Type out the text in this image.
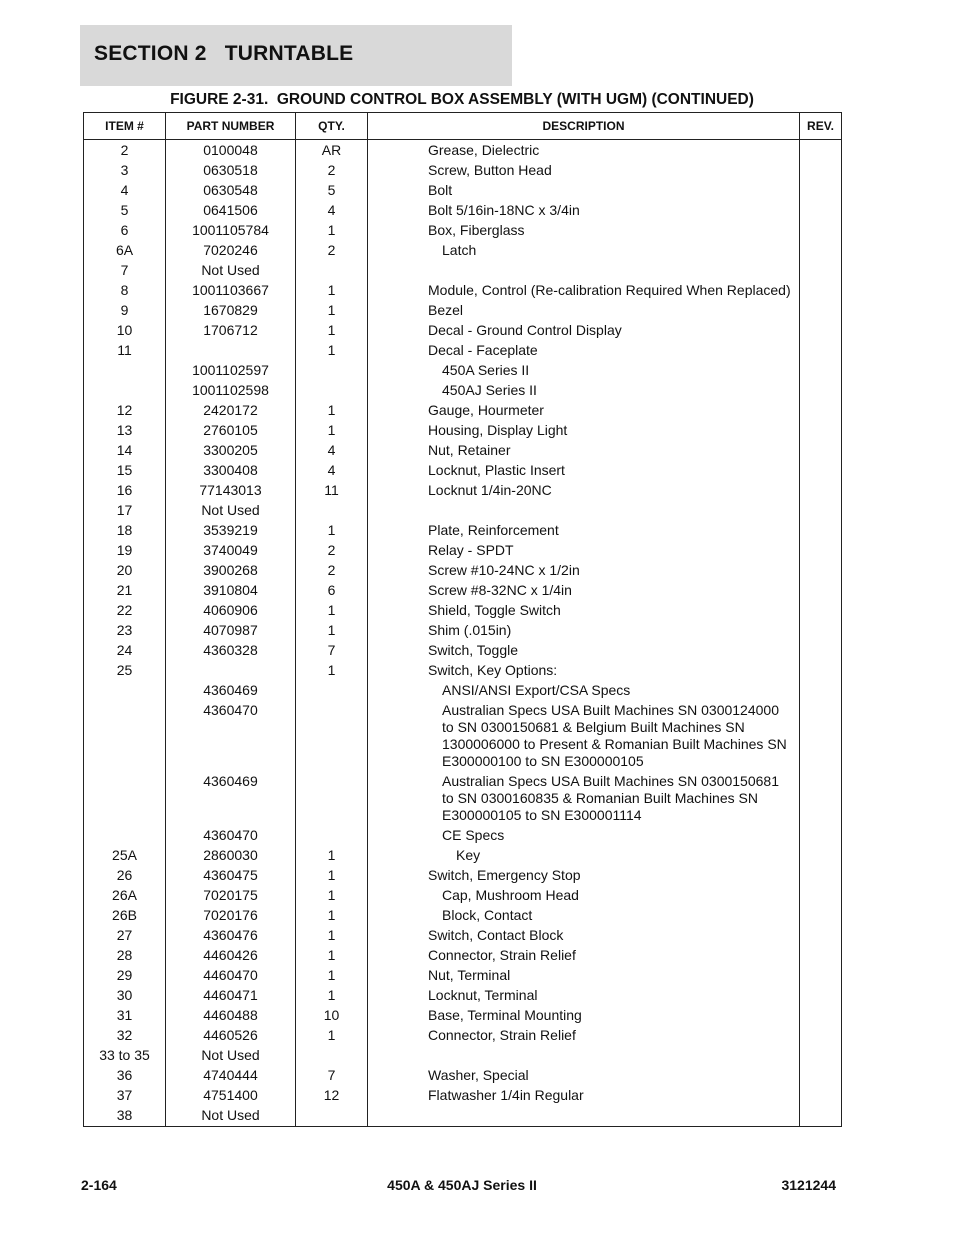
SECTION 2   TURNTABLE
FIGURE 2-31.  GROUND CONTROL BOX ASSEMBLY (WITH UGM) (CONTINUED)
ITEM #	PART NUMBER	QTY.	DESCRIPTION	REV.
2	0100048	AR	Grease, Dielectric	

3	0630518	2	Screw, Button Head	

4	0630548	5	Bolt	

5	0641506	4	Bolt 5/16in-18NC x 3/4in	

6	1001105784	1	Box, Fiberglass	

6A	7020246	2	Latch	

7	Not Used		

8	1001103667	1	Module, Control (Re-calibration Required When Replaced)	

9	1670829	1	Bezel	

10	1706712	1	Decal - Ground Control Display	

11		1	Decal - Faceplate	

	1001102597		450A Series II	

	1001102598		450AJ Series II	

12	2420172	1	Gauge, Hourmeter	

13	2760105	1	Housing, Display Light	

14	3300205	4	Nut, Retainer	

15	3300408	4	Locknut, Plastic Insert	

16	77143013	11	Locknut 1/4in-20NC	

17	Not Used		

18	3539219	1	Plate, Reinforcement	

19	3740049	2	Relay - SPDT	

20	3900268	2	Screw #10-24NC x 1/2in	

21	3910804	6	Screw #8-32NC x 1/4in	

22	4060906	1	Shield, Toggle Switch	

23	4070987	1	Shim (.015in)	

24	4360328	7	Switch, Toggle	

25		1	Switch, Key Options:	

	4360469		ANSI/ANSI Export/CSA Specs	

	4360470		Australian Specs USA Built Machines SN 0300124000 to SN 0300150681 & Belgium Built Machines SN 1300006000 to Present & Romanian Built Machines SN E300000100 to SN E300000105	

	4360469		Australian Specs USA Built Machines SN 0300150681 to SN 0300160835 & Romanian Built Machines SN E300000105 to SN E300001114	

	4360470		CE Specs	

25A	2860030	1	Key	

26	4360475	1	Switch, Emergency Stop	

26A	7020175	1	Cap, Mushroom Head	

26B	7020176	1	Block, Contact	

27	4360476	1	Switch, Contact Block	

28	4460426	1	Connector, Strain Relief	

29	4460470	1	Nut, Terminal	

30	4460471	1	Locknut, Terminal	

31	4460488	10	Base, Terminal Mounting	

32	4460526	1	Connector, Strain Relief	

33 to 35	Not Used		

36	4740444	7	Washer, Special	

37	4751400	12	Flatwasher 1/4in Regular	

38	Not Used		

2-164	450A & 450AJ Series II	3121244
